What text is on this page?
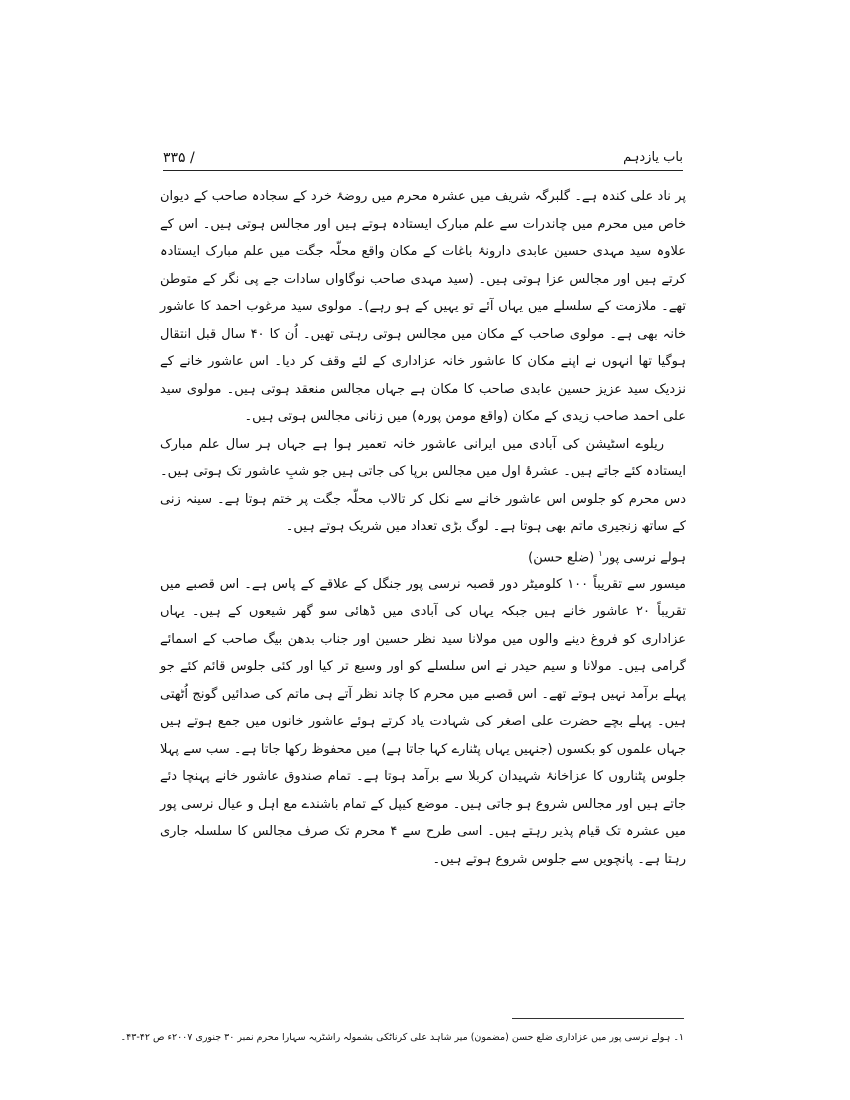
باب یازدہم
/ ۳۳۵

پر ناد علی کندہ ہے۔ گلبرگہ شریف میں عشرہ محرم میں روضۂ خرد کے سجادہ صاحب کے دیوان خاص میں محرم میں چاندرات سے علم مبارک ایستادہ ہوتے ہیں اور مجالس ہوتی ہیں۔ اس کے علاوہ سید مہدی حسین عابدی دارونۂ باغات کے مکان واقع محلّہ جگت میں علم مبارک ایستادہ کرتے ہیں اور مجالس عزا ہوتی ہیں۔ (سید مہدی صاحب نوگاواں سادات جے پی نگر کے متوطن تھے۔ ملازمت کے سلسلے میں یہاں آئے تو یہیں کے ہو رہے)۔ مولوی سید مرغوب احمد کا عاشور خانہ بھی ہے۔ مولوی صاحب کے مکان میں مجالس ہوتی رہتی تھیں۔ اُن کا ۴۰ سال قبل انتقال ہوگیا تھا انہوں نے اپنے مکان کا عاشور خانہ عزاداری کے لئے وقف کر دیا۔ اس عاشور خانے کے نزدیک سید عزیز حسین عابدی صاحب کا مکان ہے جہاں مجالس منعقد ہوتی ہیں۔ مولوی سید علی احمد صاحب زیدی کے مکان (واقع مومن پورہ) میں زنانی مجالس ہوتی ہیں۔

ریلوے اسٹیشن کی آبادی میں ایرانی عاشور خانہ تعمیر ہوا ہے جہاں ہر سال علم مبارک ایستادہ کئے جاتے ہیں۔ عشرۂ اول میں مجالس برپا کی جاتی ہیں جو شبِ عاشور تک ہوتی ہیں۔ دس محرم کو جلوس اس عاشور خانے سے نکل کر تالاب محلّہ جگت پر ختم ہوتا ہے۔ سینہ زنی کے ساتھ زنجیری ماتم بھی ہوتا ہے۔ لوگ بڑی تعداد میں شریک ہوتے ہیں۔

ہولے نرسی پور$^۱$ (ضلع حسن)

میسور سے تقریباً ۱۰۰ کلومیٹر دور قصبہ نرسی پور جنگل کے علاقے کے پاس ہے۔ اس قصبے میں تقریباً ۲۰ عاشور خانے ہیں جبکہ یہاں کی آبادی میں ڈھائی سو گھر شیعوں کے ہیں۔ یہاں عزاداری کو فروغ دینے والوں میں مولانا سید نظر حسین اور جناب بدھن بیگ صاحب کے اسمائے گرامی ہیں۔ مولانا و سیم حیدر نے اس سلسلے کو اور وسیع تر کیا اور کئی جلوس قائم کئے جو پہلے برآمد نہیں ہوتے تھے۔ اس قصبے میں محرم کا چاند نظر آتے ہی ماتم کی صدائیں گونج اُٹھتی ہیں۔ پہلے بچے حضرت علی اصغر کی شہادت یاد کرتے ہوئے عاشور خانوں میں جمع ہوتے ہیں جہاں علموں کو بکسوں (جنہیں یہاں پٹنارے کہا جاتا ہے) میں محفوظ رکھا جاتا ہے۔ سب سے پہلا جلوس پٹناروں کا عزاخانۂ شہیدان کربلا سے برآمد ہوتا ہے۔ تمام صندوق عاشور خانے پہنچا دئے جاتے ہیں اور مجالس شروع ہو جاتی ہیں۔ موضع کیپل کے تمام باشندے مع اہل و عیال نرسی پور میں عشرہ تک قیام پذیر رہتے ہیں۔ اسی طرح سے ۴ محرم تک صرف مجالس کا سلسلہ جاری رہتا ہے۔ پانچویں سے جلوس شروع ہوتے ہیں۔

۱۔ ہولے نرسی پور میں عزاداری ضلع حسن (مضمون) میر شاہد علی کرناٹکی بشمولہ راشٹریہ سہارا محرم نمبر ۳۰ جنوری ۲۰۰۷ء ص ۴۲-۴۳۔
